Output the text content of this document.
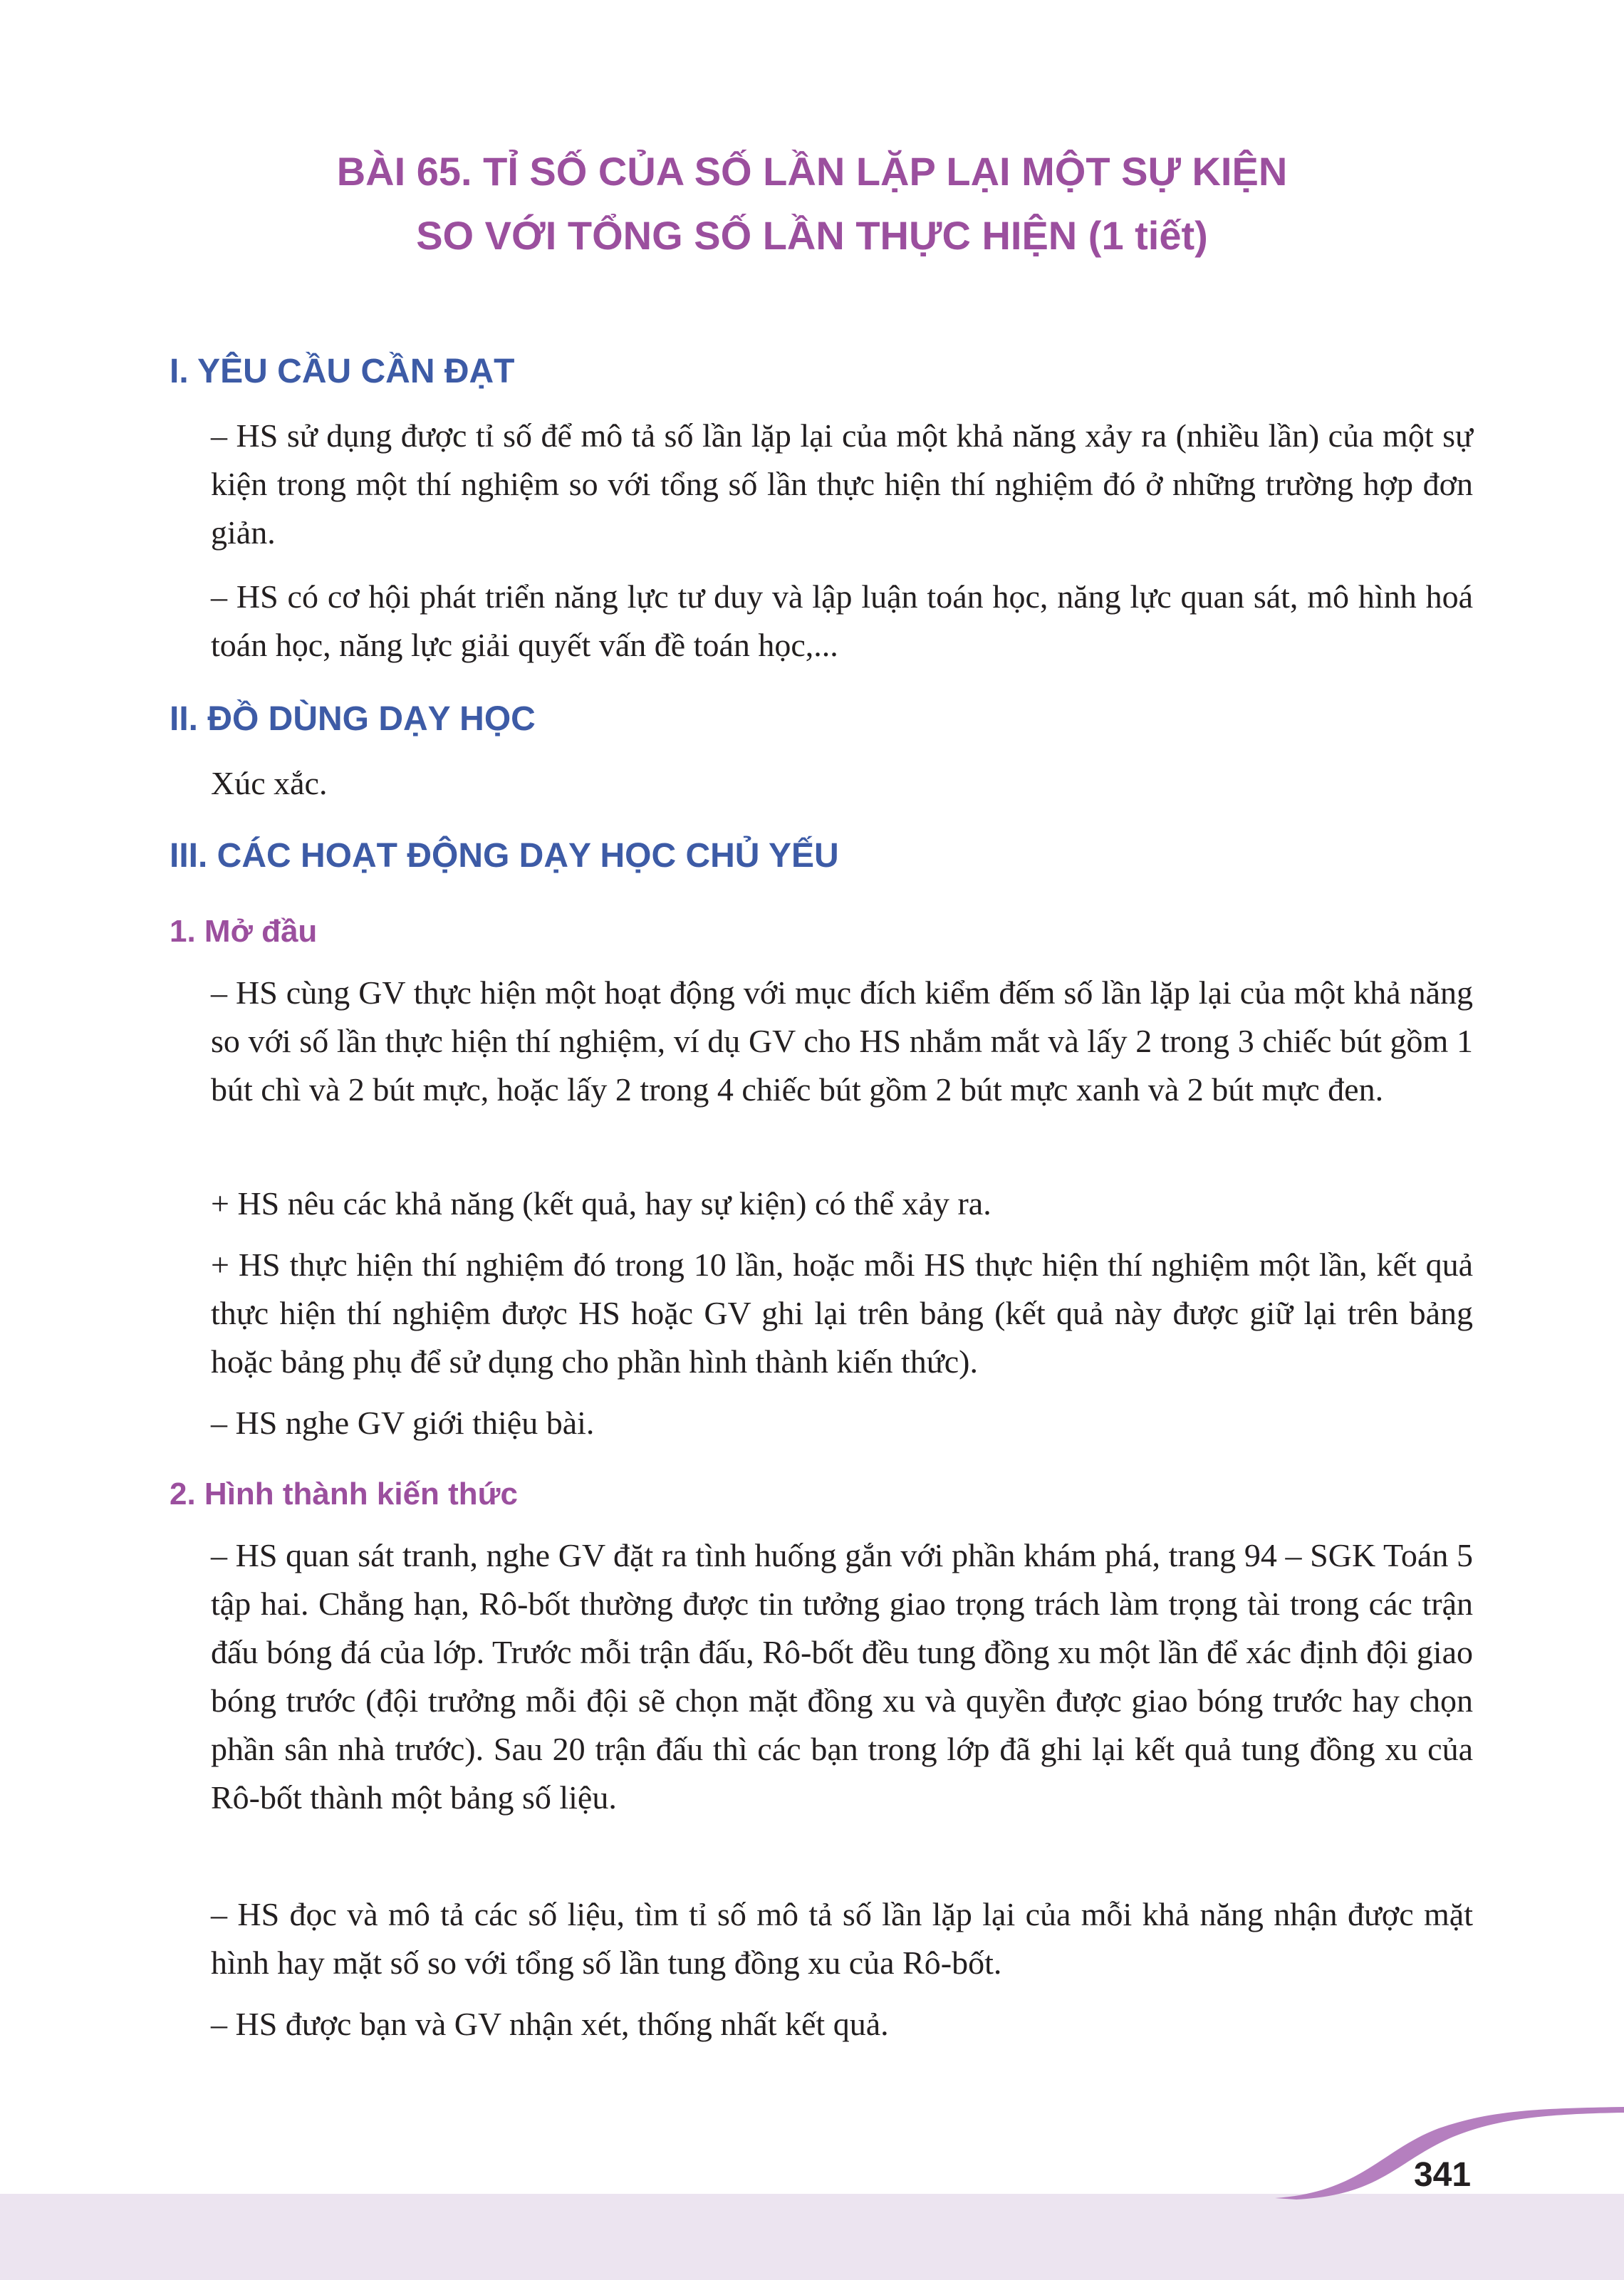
BÀI 65. TỈ SỐ CỦA SỐ LẦN LẶP LẠI MỘT SỰ KIỆN
SO VỚI TỔNG SỐ LẦN THỰC HIỆN (1 tiết)
I. YÊU CẦU CẦN ĐẠT

– HS sử dụng được tỉ số để mô tả số lần lặp lại của một khả năng xảy ra (nhiều lần) của một sự kiện trong một thí nghiệm so với tổng số lần thực hiện thí nghiệm đó ở những trường hợp đơn giản.

– HS có cơ hội phát triển năng lực tư duy và lập luận toán học, năng lực quan sát, mô hình hoá toán học, năng lực giải quyết vấn đề toán học,...

II. ĐỒ DÙNG DẠY HỌC

Xúc xắc.

III. CÁC HOẠT ĐỘNG DẠY HỌC CHỦ YẾU
1. Mở đầu

– HS cùng GV thực hiện một hoạt động với mục đích kiểm đếm số lần lặp lại của một khả năng so với số lần thực hiện thí nghiệm, ví dụ GV cho HS nhắm mắt và lấy 2 trong 3 chiếc bút gồm 1 bút chì và 2 bút mực, hoặc lấy 2 trong 4 chiếc bút gồm 2 bút mực xanh và 2 bút mực đen.

+ HS nêu các khả năng (kết quả, hay sự kiện) có thể xảy ra.

+ HS thực hiện thí nghiệm đó trong 10 lần, hoặc mỗi HS thực hiện thí nghiệm một lần, kết quả thực hiện thí nghiệm được HS hoặc GV ghi lại trên bảng (kết quả này được giữ lại trên bảng hoặc bảng phụ để sử dụng cho phần hình thành kiến thức).

– HS nghe GV giới thiệu bài.

2. Hình thành kiến thức

– HS quan sát tranh, nghe GV đặt ra tình huống gắn với phần khám phá, trang 94 – SGK Toán 5 tập hai. Chẳng hạn, Rô-bốt thường được tin tưởng giao trọng trách làm trọng tài trong các trận đấu bóng đá của lớp. Trước mỗi trận đấu, Rô-bốt đều tung đồng xu một lần để xác định đội giao bóng trước (đội trưởng mỗi đội sẽ chọn mặt đồng xu và quyền được giao bóng trước hay chọn phần sân nhà trước). Sau 20 trận đấu thì các bạn trong lớp đã ghi lại kết quả tung đồng xu của Rô-bốt thành một bảng số liệu.

– HS đọc và mô tả các số liệu, tìm tỉ số mô tả số lần lặp lại của mỗi khả năng nhận được mặt hình hay mặt số so với tổng số lần tung đồng xu của Rô-bốt.

– HS được bạn và GV nhận xét, thống nhất kết quả.

341
